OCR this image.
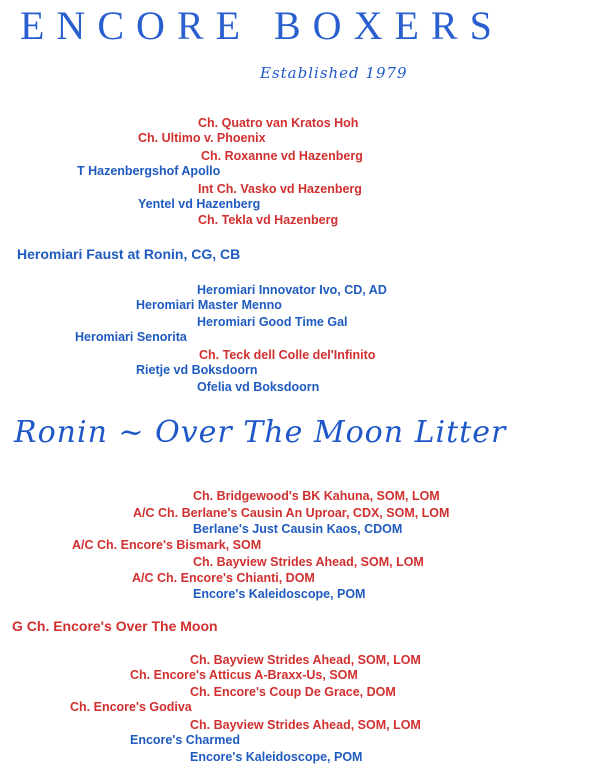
ENCORE BOXERS
Established 1979
Ch. Quatro van Kratos Hoh
Ch. Ultimo v. Phoenix
Ch. Roxanne vd Hazenberg
T Hazenbergshof Apollo
Int Ch. Vasko vd Hazenberg
Yentel vd Hazenberg
Ch. Tekla vd Hazenberg
Heromiari Faust at Ronin, CG, CB
Heromiari Innovator Ivo, CD, AD
Heromiari Master Menno
Heromiari Good Time Gal
Heromiari Senorita
Ch. Teck dell Colle del'Infinito
Rietje vd Boksdoorn
Ofelia vd Boksdoorn
Ronin ~ Over The Moon Litter
Ch. Bridgewood's BK Kahuna, SOM, LOM
A/C Ch. Berlane's Causin An Uproar, CDX, SOM, LOM
Berlane's Just Causin Kaos, CDOM
A/C Ch. Encore's Bismark, SOM
Ch. Bayview Strides Ahead, SOM, LOM
A/C Ch. Encore's Chianti, DOM
Encore's Kaleidoscope, POM
G Ch. Encore's Over The Moon
Ch. Bayview Strides Ahead, SOM, LOM
Ch. Encore's Atticus A-Braxx-Us, SOM
Ch. Encore's Coup De Grace, DOM
Ch. Encore's Godiva
Ch. Bayview Strides Ahead, SOM, LOM
Encore's Charmed
Encore's Kaleidoscope, POM
